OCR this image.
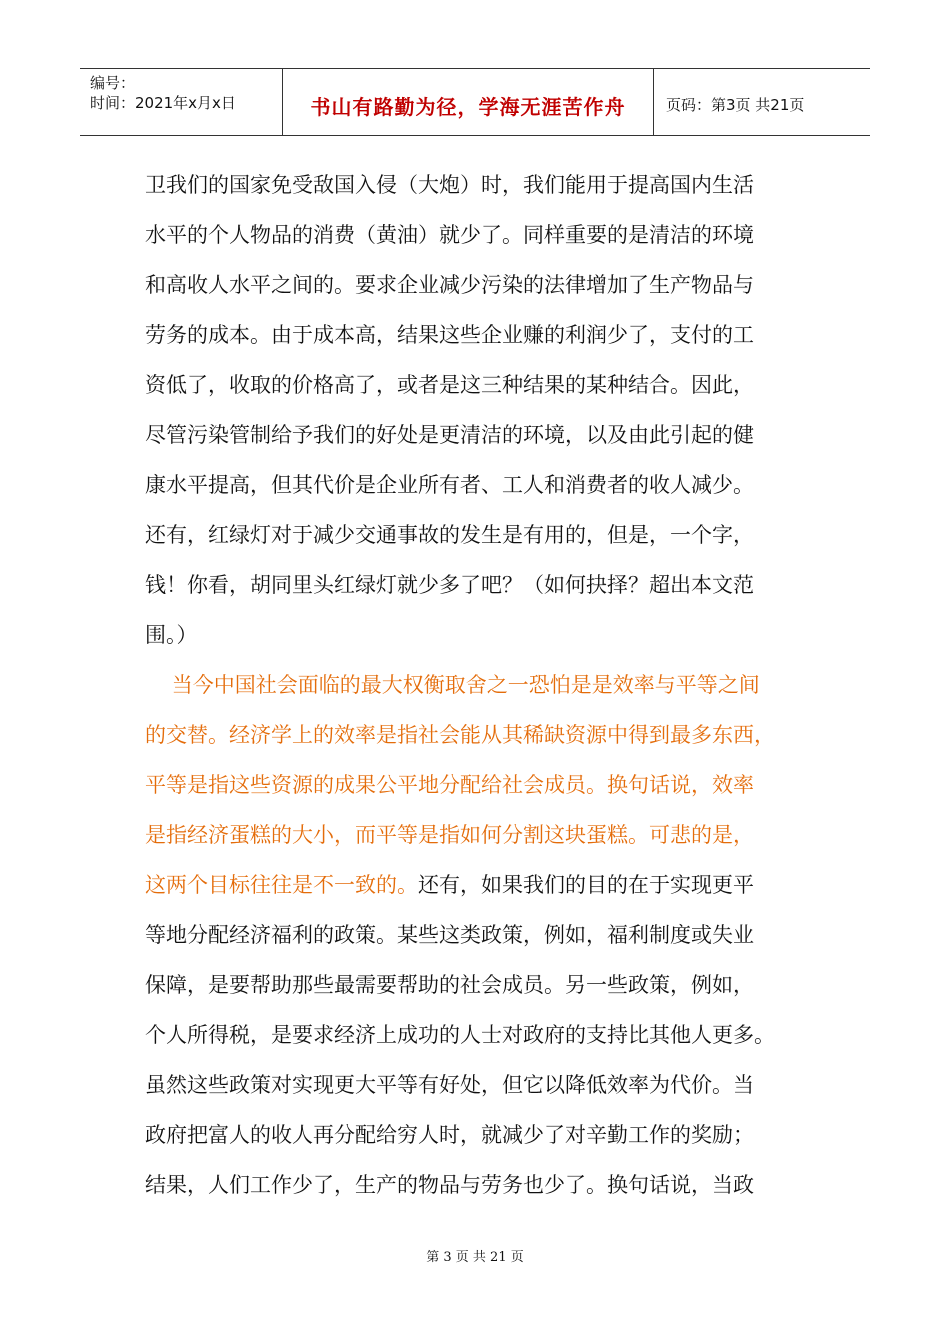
编号：
时间：2021年x月x日	书山有路勤为径，学海无涯苦作舟	页码：第3页 共21页
卫我们的国家免受敌国入侵（大炮）时，我们能用于提高国内生活
水平的个人物品的消费（黄油）就少了。同样重要的是清洁的环境
和高收人水平之间的。要求企业减少污染的法律增加了生产物品与
劳务的成本。由于成本高，结果这些企业赚的利润少了，支付的工
资低了，收取的价格高了，或者是这三种结果的某种结合。因此，
尽管污染管制给予我们的好处是更清洁的环境，以及由此引起的健
康水平提高，但其代价是企业所有者、工人和消费者的收人减少。
还有，红绿灯对于减少交通事故的发生是有用的，但是，一个字，
钱！你看，胡同里头红绿灯就少多了吧？（如何抉择？超出本文范
围。）
当今中国社会面临的最大权衡取舍之一恐怕是是效率与平等之间
的交替。经济学上的效率是指社会能从其稀缺资源中得到最多东西，
平等是指这些资源的成果公平地分配给社会成员。换句话说，效率
是指经济蛋糕的大小，而平等是指如何分割这块蛋糕。可悲的是，
这两个目标往往是不一致的。还有，如果我们的目的在于实现更平
等地分配经济福利的政策。某些这类政策，例如，福利制度或失业
保障，是要帮助那些最需要帮助的社会成员。另一些政策，例如，
个人所得税，是要求经济上成功的人士对政府的支持比其他人更多。
虽然这些政策对实现更大平等有好处，但它以降低效率为代价。当
政府把富人的收人再分配给穷人时，就减少了对辛勤工作的奖励；
结果，人们工作少了，生产的物品与劳务也少了。换句话说，当政
第 3 页 共 21 页
